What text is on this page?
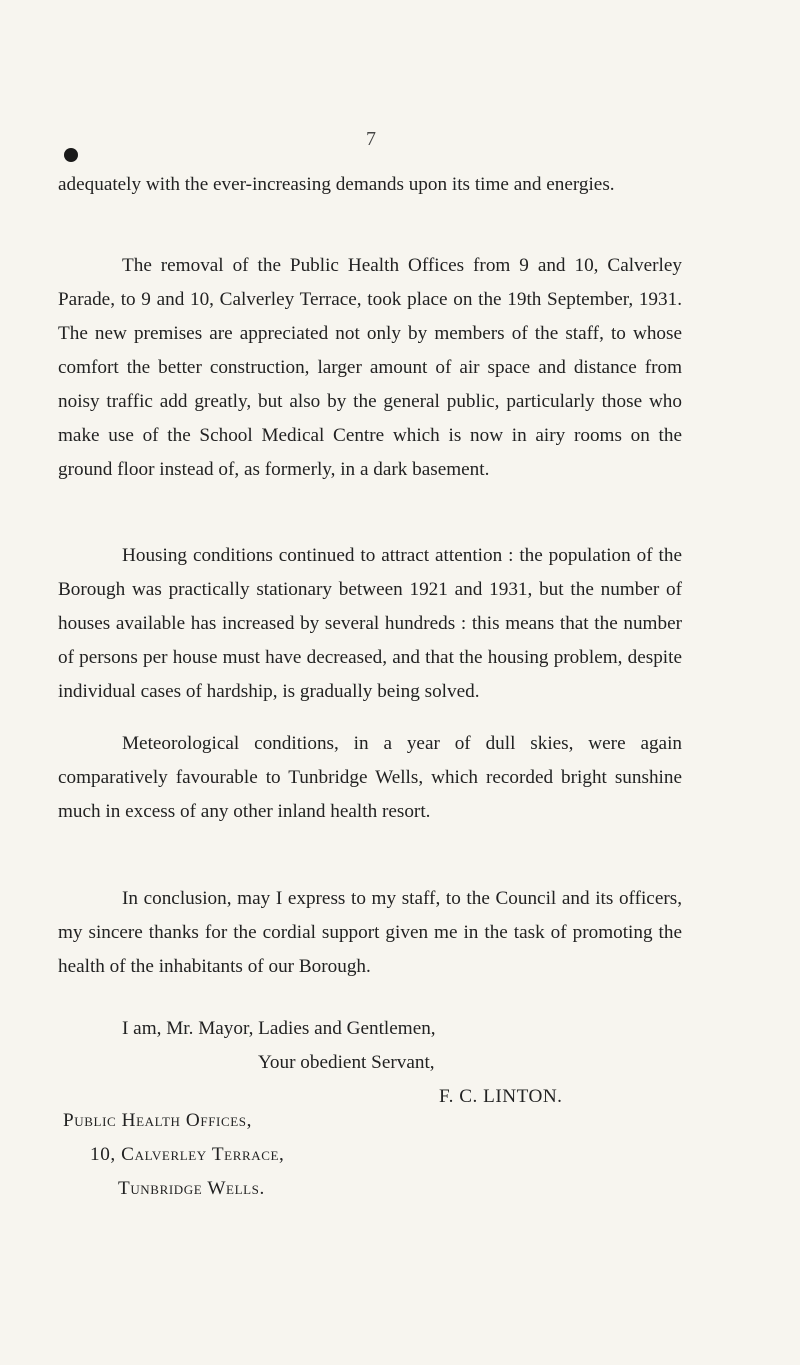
7
adequately with the ever-increasing demands upon its time and energies.
The removal of the Public Health Offices from 9 and 10, Calverley Parade, to 9 and 10, Calverley Terrace, took place on the 19th September, 1931. The new premises are appreciated not only by members of the staff, to whose comfort the better construction, larger amount of air space and distance from noisy traffic add greatly, but also by the general public, particularly those who make use of the School Medical Centre which is now in airy rooms on the ground floor instead of, as formerly, in a dark basement.
Housing conditions continued to attract attention : the population of the Borough was practically stationary between 1921 and 1931, but the number of houses available has increased by several hundreds : this means that the number of persons per house must have decreased, and that the housing problem, despite individual cases of hardship, is gradually being solved.
Meteorological conditions, in a year of dull skies, were again comparatively favourable to Tunbridge Wells, which recorded bright sunshine much in excess of any other inland health resort.
In conclusion, may I express to my staff, to the Council and its officers, my sincere thanks for the cordial support given me in the task of promoting the health of the inhabitants of our Borough.
I am, Mr. Mayor, Ladies and Gentlemen,
Your obedient Servant,
F. C. LINTON.
Public Health Offices,
10, Calverley Terrace,
Tunbridge Wells.
